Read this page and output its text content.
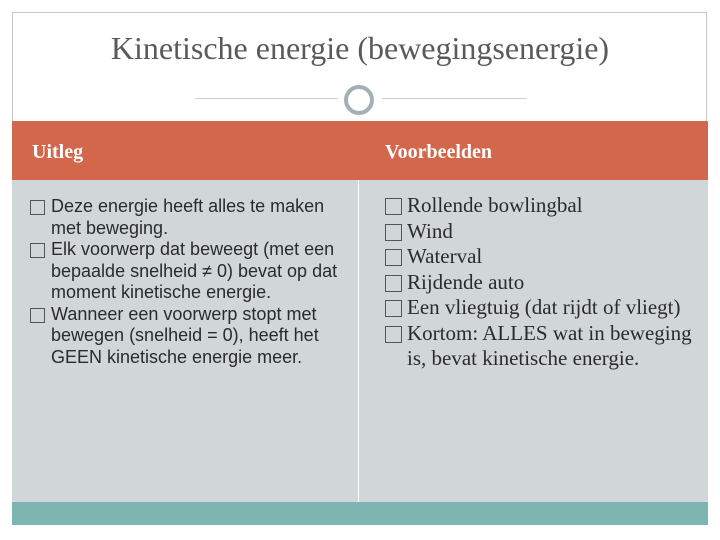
Kinetische energie (bewegingsenergie)
Uitleg	Voorbeelden
Deze energie heeft alles te maken met beweging.
Elk voorwerp dat beweegt (met een bepaalde snelheid ≠ 0) bevat op dat moment kinetische energie.
Wanneer een voorwerp stopt met bewegen (snelheid = 0), heeft het GEEN kinetische energie meer.
Rollende bowlingbal
Wind
Waterval
Rijdende auto
Een vliegtuig (dat rijdt of vliegt)
Kortom: ALLES wat in beweging is, bevat kinetische energie.
